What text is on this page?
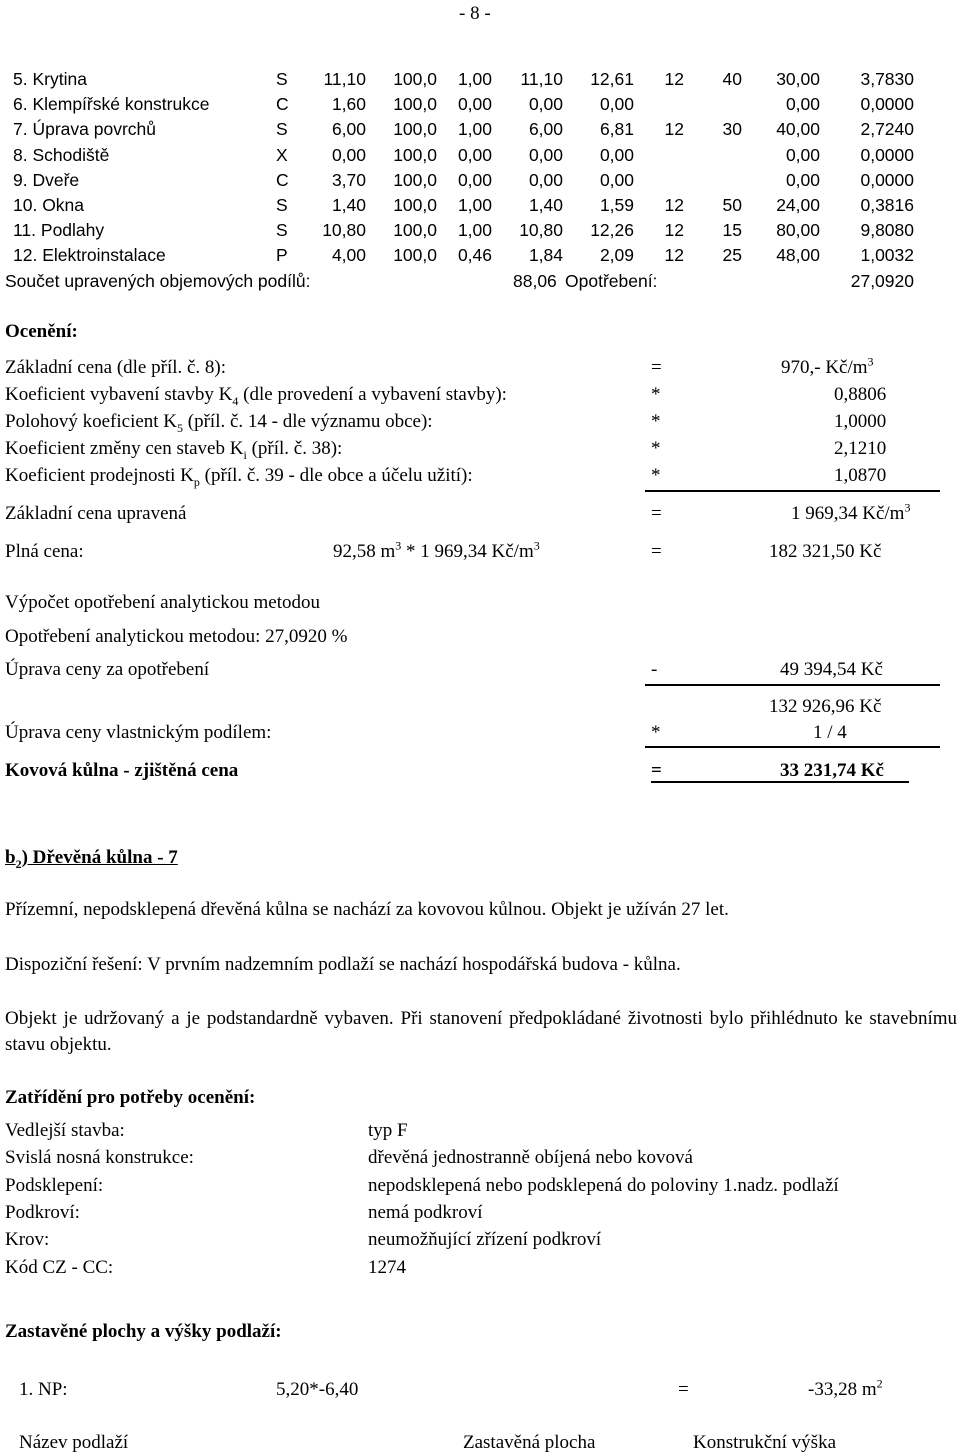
- 8 -
5. Krytina	S 11,10 100,0 1,00 11,10 12,61 12 40 30,00 3,7830
6. Klempířské konstrukce	C 1,60 100,0 0,00 0,00 0,00	0,00 0,0000
7. Úprava povrchů	S	6,00 100,0 1,00 6,00 6,81 12 30 40,00 2,7240
8. Schodiště	X	0,00 100,0 0,00 0,00 0,00	0,00 0,0000
9. Dveře	C 3,70 100,0 0,00 0,00 0,00	0,00 0,0000
10. Okna	S	1,40 100,0 1,00 1,40 1,59 12 50 24,00 0,3816
11. Podlahy	S 10,80 100,0 1,00 10,80 12,26 12 15 80,00 9,8080
12. Elektroinstalace	P	4,00 100,0 0,46 1,84 2,09 12 25 48,00 1,0032
Součet upravených objemových podílů:	88,06 Opotřebení:	27,0920
Ocenění:
Základní cena (dle příl. č. 8):	=	970,- $Kč/m^3$
Koeficient vybavení stavby $K_4$ (dle provedení a vybavení stavby):	*	0,8806
Polohový koeficient $K_5$ (příl. č. 14 - dle významu obce):	*	1,0000
Koeficient změny cen staveb $K_i$ (příl. č. 38):	*	2,1210
Koeficient prodejnosti $K_p$ (příl. č. 39 - dle obce a účelu užití):	*	1,0870
Základní cena upravená	=	1 969,34 $Kč/m^3$
Plná cena:	92,58 $m^3 * 1$ 969,34 $Kč/m^3$	=	182 321,50 Kč
Výpočet opotřebení analytickou metodou
Opotřebení analytickou metodou: 27,0920 %
Úprava ceny za opotřebení	-	49 394,54 Kč
132 926,96 Kč
Úprava ceny vlastnickým podílem:	*	1 / 4
Kovová kůlna - zjištěná cena	=	33 231,74 Kč
$b_2$) Dřevěná kůlna - 7
Přízemní, nepodsklepená dřevěná kůlna se nachází za kovovou kůlnou. Objekt je užíván 27 let.
Dispoziční řešení: V prvním nadzemním podlaží se nachází hospodářská budova - kůlna.
Objekt je udržovaný a je podstandardně vybaven. Při stanovení předpokládané životnosti bylo přihlédnuto ke stavebnímu stavu objektu.
Zatřídění pro potřeby ocenění:
Vedlejší stavba:	typ F
Svislá nosná konstrukce:	dřevěná jednostranně obíjená nebo kovová
Podsklepení:	nepodsklepená nebo podsklepená do poloviny 1.nadz. podlaží
Podkroví:	nemá podkroví
Krov:	neumožňující zřízení podkroví
Kód CZ - CC:	1274
Zastavěné plochy a výšky podlaží:
1. NP:	5,20*-6,40	=	-33,28 $m^2$
Název podlaží	Zastavěná plocha	Konstrukční výška
